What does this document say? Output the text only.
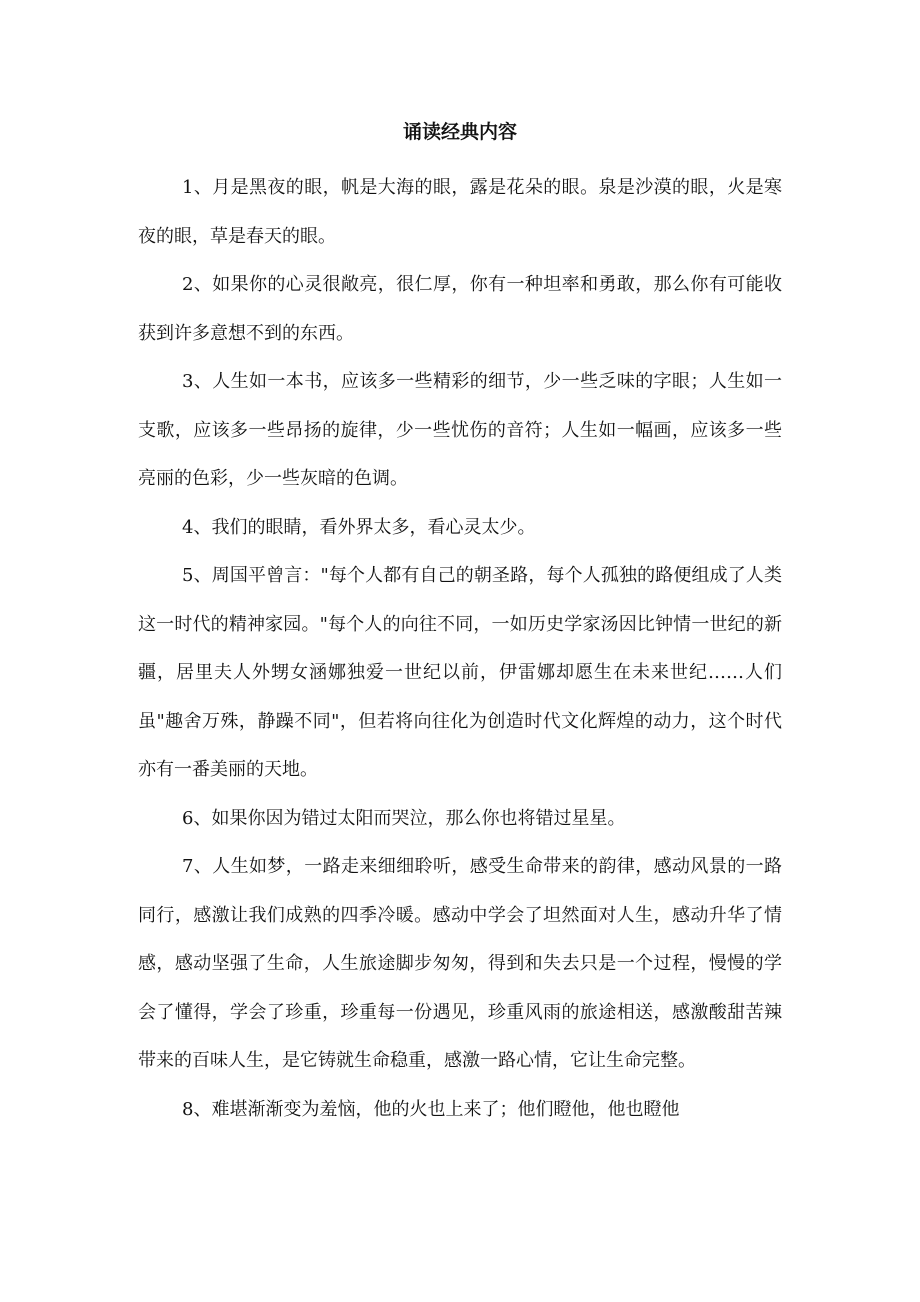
诵读经典内容

1、月是黑夜的眼，帆是大海的眼，露是花朵的眼。泉是沙漠的眼，火是寒夜的眼，草是春天的眼。

2、如果你的心灵很敞亮，很仁厚，你有一种坦率和勇敢，那么你有可能收获到许多意想不到的东西。

3、人生如一本书，应该多一些精彩的细节，少一些乏味的字眼；人生如一支歌，应该多一些昂扬的旋律，少一些忧伤的音符；人生如一幅画，应该多一些亮丽的色彩，少一些灰暗的色调。

4、我们的眼睛，看外界太多，看心灵太少。

5、周国平曾言："每个人都有自己的朝圣路，每个人孤独的路便组成了人类这一时代的精神家园。"每个人的向往不同，一如历史学家汤因比钟情一世纪的新疆，居里夫人外甥女涵娜独爱一世纪以前，伊雷娜却愿生在未来世纪……人们虽"趣舍万殊，静躁不同"，但若将向往化为创造时代文化辉煌的动力，这个时代亦有一番美丽的天地。

6、如果你因为错过太阳而哭泣，那么你也将错过星星。

7、人生如梦，一路走来细细聆听，感受生命带来的韵律，感动风景的一路同行，感激让我们成熟的四季冷暖。感动中学会了坦然面对人生，感动升华了情感，感动坚强了生命，人生旅途脚步匆匆，得到和失去只是一个过程，慢慢的学会了懂得，学会了珍重，珍重每一份遇见，珍重风雨的旅途相送，感激酸甜苦辣带来的百味人生，是它铸就生命稳重，感激一路心情，它让生命完整。

8、难堪渐渐变为羞恼，他的火也上来了；他们瞪他，他也瞪他
